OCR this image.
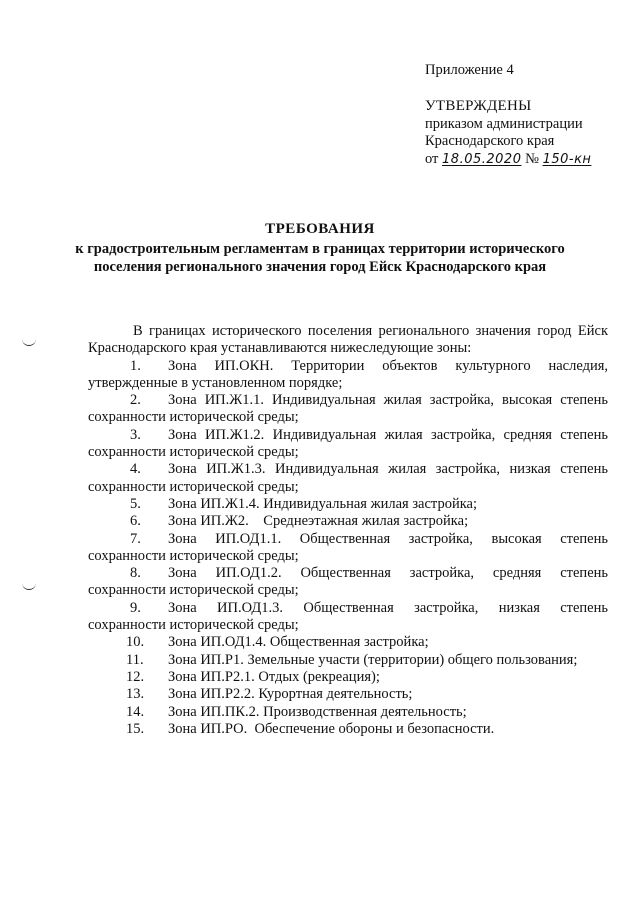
Приложение 4
УТВЕРЖДЕНЫ
приказом администрации
Краснодарского края
от 18.05.2020 № 150-кн
ТРЕБОВАНИЯ
к градостроительным регламентам в границах территории исторического
поселения регионального значения город Ейск Краснодарского края

В границах исторического поселения регионального значения город Ейск

Краснодарского края устанавливаются нижеследующие зоны:

1.	Зона ИП.ОКН. Территории объектов культурного наследия,
утвержденные в установленном порядке;
2.	Зона ИП.Ж1.1. Индивидуальная жилая застройка, высокая степень
сохранности исторической среды;
3.	Зона ИП.Ж1.2. Индивидуальная жилая застройка, средняя степень
сохранности исторической среды;
4.	Зона ИП.Ж1.3. Индивидуальная жилая застройка, низкая степень
сохранности исторической среды;
5.	Зона ИП.Ж1.4. Индивидуальная жилая застройка;
6.	Зона ИП.Ж2.    Среднеэтажная жилая застройка;
7.	Зона ИП.ОД1.1. Общественная застройка, высокая степень
сохранности исторической среды;
8.	Зона ИП.ОД1.2. Общественная застройка, средняя степень
сохранности исторической среды;
9.	Зона ИП.ОД1.3. Общественная застройка, низкая степень
сохранности исторической среды;
10.	Зона ИП.ОД1.4. Общественная застройка;
11.	Зона ИП.Р1. Земельные участи (территории) общего пользования;
12.	Зона ИП.Р2.1. Отдых (рекреация);
13.	Зона ИП.Р2.2. Курортная деятельность;
14.	Зона ИП.ПК.2. Производственная деятельность;
15.	Зона ИП.РО.  Обеспечение обороны и безопасности.
